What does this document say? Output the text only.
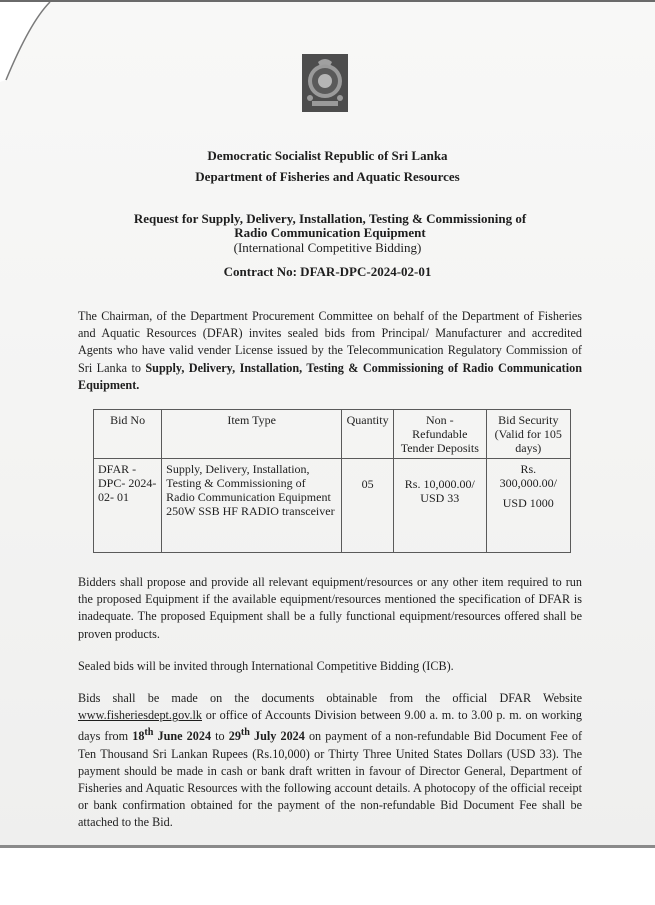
Democratic Socialist Republic of Sri Lanka
Department of Fisheries and Aquatic Resources
Request for Supply, Delivery, Installation, Testing & Commissioning of Radio Communication Equipment
(International Competitive Bidding)
Contract No: DFAR-DPC-2024-02-01
The Chairman, of the Department Procurement Committee on behalf of the Department of Fisheries and Aquatic Resources (DFAR) invites sealed bids from Principal/ Manufacturer and accredited Agents who have valid vender License issued by the Telecommunication Regulatory Commission of Sri Lanka to Supply, Delivery, Installation, Testing & Commissioning of Radio Communication Equipment.
Bid No	Item Type	Quantity	Non - Refundable Tender Deposits	Bid Security (Valid for 105 days)
DFAR - DPC- 2024- 02- 01	Supply, Delivery, Installation, Testing & Commissioning of Radio Communication Equipment 250W SSB HF RADIO transceiver	05	Rs. 10,000.00/ USD 33	Rs. 300,000.00/
USD 1000
Bidders shall propose and provide all relevant equipment/resources or any other item required to run the proposed Equipment if the available equipment/resources mentioned the specification of DFAR is inadequate. The proposed Equipment shall be a fully functional equipment/resources offered shall be proven products.
Sealed bids will be invited through International Competitive Bidding (ICB).
Bids shall be made on the documents obtainable from the official DFAR Website www.fisheriesdept.gov.lk or office of Accounts Division between 9.00 a. m. to 3.00 p. m. on working days from 18th June 2024 to 29th July 2024 on payment of a non-refundable Bid Document Fee of Ten Thousand Sri Lankan Rupees (Rs.10,000) or Thirty Three United States Dollars (USD 33). The payment should be made in cash or bank draft written in favour of Director General, Department of Fisheries and Aquatic Resources with the following account details. A photocopy of the official receipt or bank confirmation obtained for the payment of the non-refundable Bid Document Fee shall be attached to the Bid.
